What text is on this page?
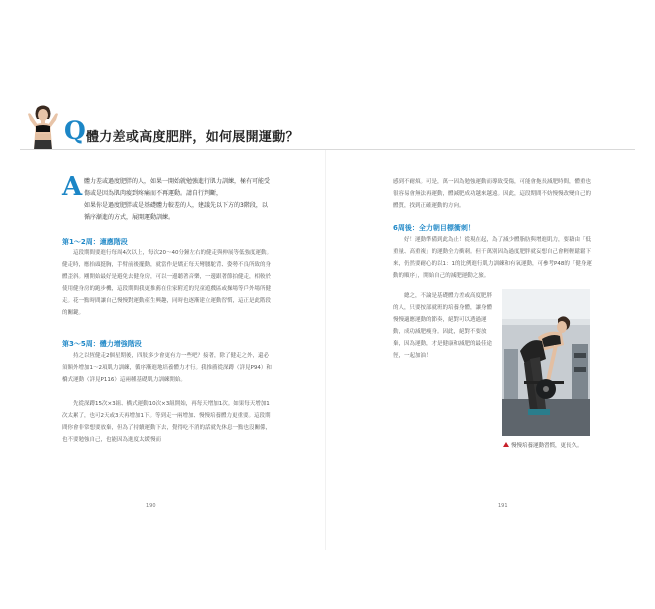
Q 體力差或高度肥胖，如何展開運動？
A 體力差或過度肥胖的人，如果一開始就勉強進行肌力訓練，極有可能受傷或是因為肌肉痠到疼痛而不再運動。請自行判斷，
如果你是過度肥胖或是基礎體力較差的人，建議先以下方的3階段，以循序漸進的方式，展開運動訓練。
第1～2周：適應階段
這段期間要進行每周4次以上，每次20～40分鐘左右的健走與伸展等低強度運動。健走時，應抬頭挺胸，手臂前後擺動，就當作是矯正每天彎腰駝背、姿勢不良所致的身體歪斜。剛開始最好是避免去健身房，可以一邊聽著音樂，一邊跟著節拍健走，相較於使用健身房的跑步機，這段期間我更推薦在住家附近的兒童遊戲區或操場等戶外場所健走。花一點時間讓自己慢慢對運動產生興趣，同時也逐漸建立運動習慣，這正是此階段的關鍵。
第3～5周：體力增強階段
持之以恆健走2個星期後，四肢多少會更有力一些吧？接著，除了健走之外，還必須額外增加1～2項肌力訓練，循序漸進地培養體力才行。我推薦從深蹲（詳見P94）和橋式運動（詳見P116）這兩種基礎肌力訓練開始。
先從深蹲15次×3組、橋式運動10次×3組開始，再每天增加1次。如果每天增加1次太累了，也可2天或3天再增加1下。等到走一兩增加、慢慢培養體力更重要。這段期間你會非常想要放棄，但為了持續運動下去，覺得吃不消的話就先休息一點也沒關係，也不要勉強自己，也能因為進度太緩慢而
190
感到不耐煩。可是，萬一因為勉強運動而導致受傷，可能會拖長減肥時間，體重也很容易會無法再運動，體減肥成功越來越遠。因此，這段期間不妨慢慢改變自己的體質，找到正確運動的方向。
6周後：全力朝目標衝刺！
好！運動準備到此為止！從現在起，為了減少體脂肪與增進肌力，要藉由「低重量、高重複」的運動全力衝刺。但千萬別因為過度肥胖就妄想自己會輕輕鬆鬆下來，仍然要耐心的以1：1的比例進行肌力訓練和有氧運動，可參考P48的「健身運動的順序」，開始自己的減肥運動之旅。
總之，不論是基礎體力差或高度肥胖的人，只要按部就班的培養身體，讓身體慢慢適應運動的節奏，絕對可以透過運動，成功減肥瘦身。因此，絕對不要放棄，因為運動，才是健康和減肥的最佳途徑，一起加油！
慢慢培養運動習慣，更長久。
191
